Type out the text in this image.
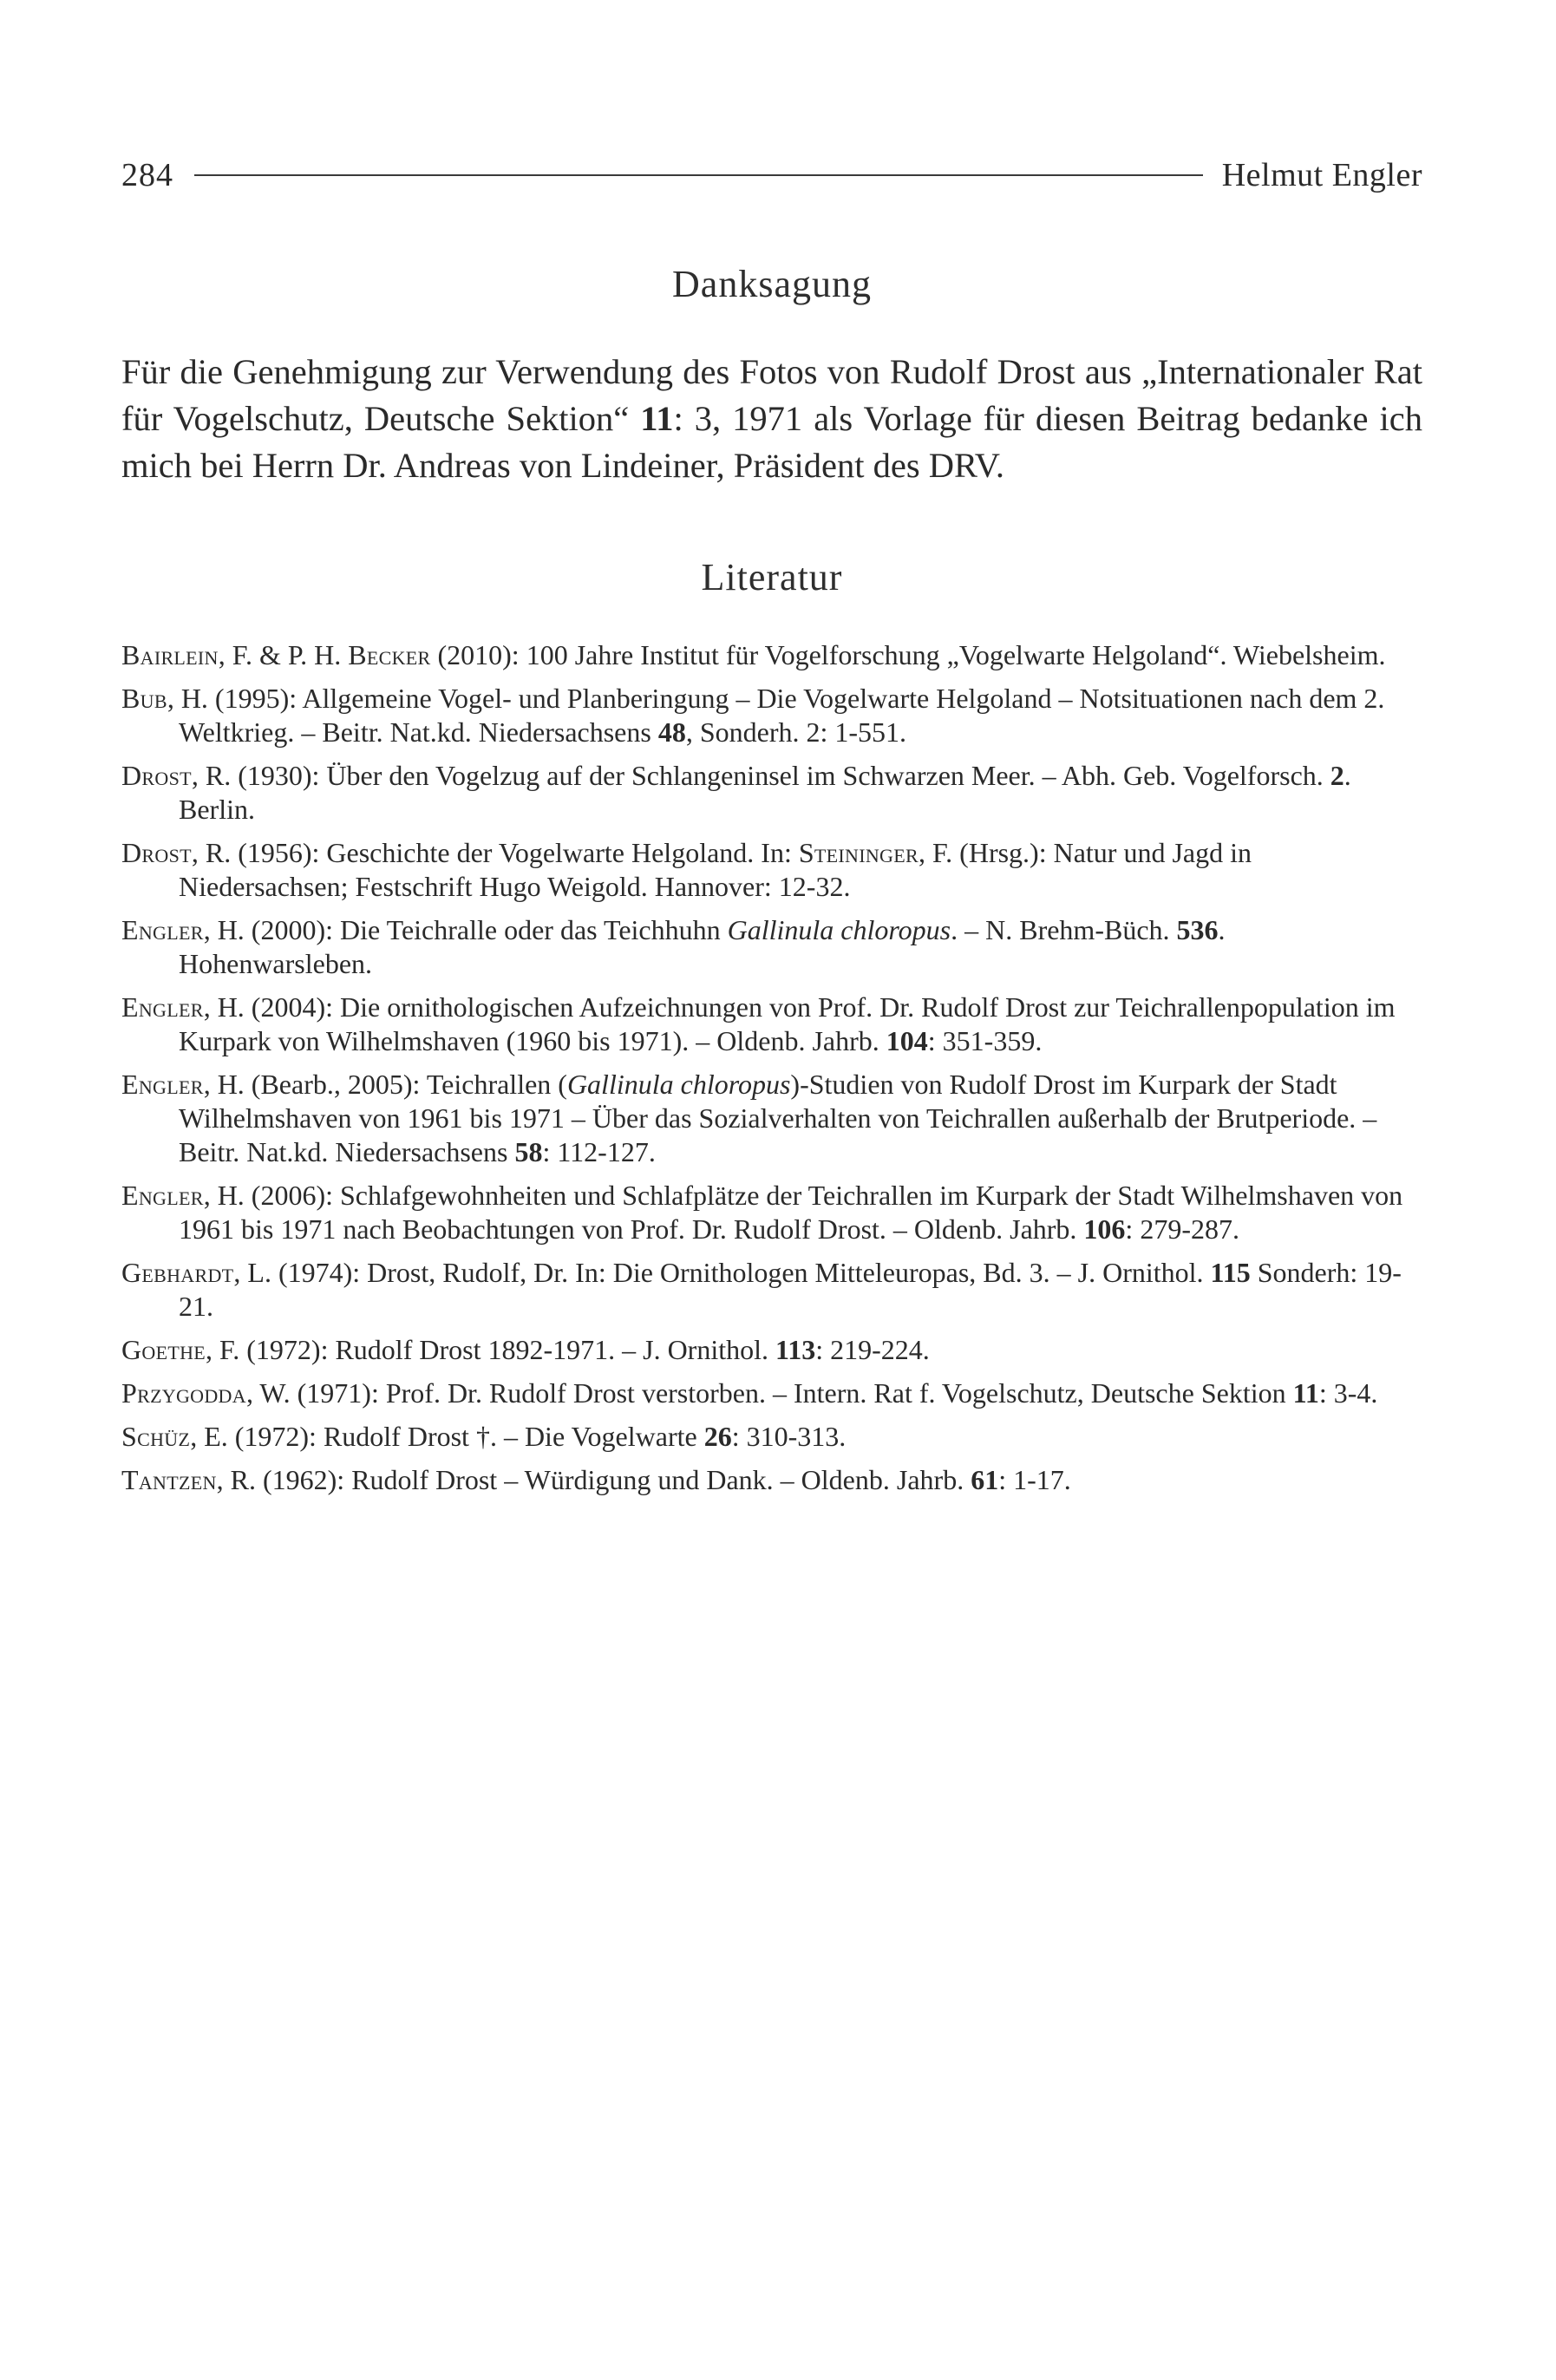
284	Helmut Engler
Danksagung

Für die Genehmigung zur Verwendung des Fotos von Rudolf Drost aus „Internationaler Rat für Vogelschutz, Deutsche Sektion“ 11: 3, 1971 als Vorlage für diesen Beitrag bedanke ich mich bei Herrn Dr. Andreas von Lindeiner, Präsident des DRV.

Literatur
Bairlein, F. & P. H. Becker (2010): 100 Jahre Institut für Vogelforschung „Vogelwarte Helgoland“. Wiebelsheim.
Bub, H. (1995): Allgemeine Vogel- und Planberingung – Die Vogelwarte Helgoland – Notsituationen nach dem 2. Weltkrieg. – Beitr. Nat.kd. Niedersachsens 48, Sonderh. 2: 1-551.
Drost, R. (1930): Über den Vogelzug auf der Schlangeninsel im Schwarzen Meer. – Abh. Geb. Vogelforsch. 2. Berlin.
Drost, R. (1956): Geschichte der Vogelwarte Helgoland. In: Steininger, F. (Hrsg.): Natur und Jagd in Niedersachsen; Festschrift Hugo Weigold. Hannover: 12-32.
Engler, H. (2000): Die Teichralle oder das Teichhuhn Gallinula chloropus. – N. Brehm-Büch. 536. Hohenwarsleben.
Engler, H. (2004): Die ornithologischen Aufzeichnungen von Prof. Dr. Rudolf Drost zur Teichrallenpopulation im Kurpark von Wilhelmshaven (1960 bis 1971). – Oldenb. Jahrb. 104: 351-359.
Engler, H. (Bearb., 2005): Teichrallen (Gallinula chloropus)-Studien von Rudolf Drost im Kurpark der Stadt Wilhelmshaven von 1961 bis 1971 – Über das Sozialverhalten von Teichrallen außerhalb der Brutperiode. – Beitr. Nat.kd. Niedersachsens 58: 112-127.
Engler, H. (2006): Schlafgewohnheiten und Schlafplätze der Teichrallen im Kurpark der Stadt Wilhelmshaven von 1961 bis 1971 nach Beobachtungen von Prof. Dr. Rudolf Drost. – Oldenb. Jahrb. 106: 279-287.
Gebhardt, L. (1974): Drost, Rudolf, Dr. In: Die Ornithologen Mitteleuropas, Bd. 3. – J. Ornithol. 115 Sonderh: 19-21.
Goethe, F. (1972): Rudolf Drost 1892-1971. – J. Ornithol. 113: 219-224.
Przygodda, W. (1971): Prof. Dr. Rudolf Drost verstorben. – Intern. Rat f. Vogelschutz, Deutsche Sektion 11: 3-4.
Schüz, E. (1972): Rudolf Drost †. – Die Vogelwarte 26: 310-313.
Tantzen, R. (1962): Rudolf Drost – Würdigung und Dank. – Oldenb. Jahrb. 61: 1-17.
